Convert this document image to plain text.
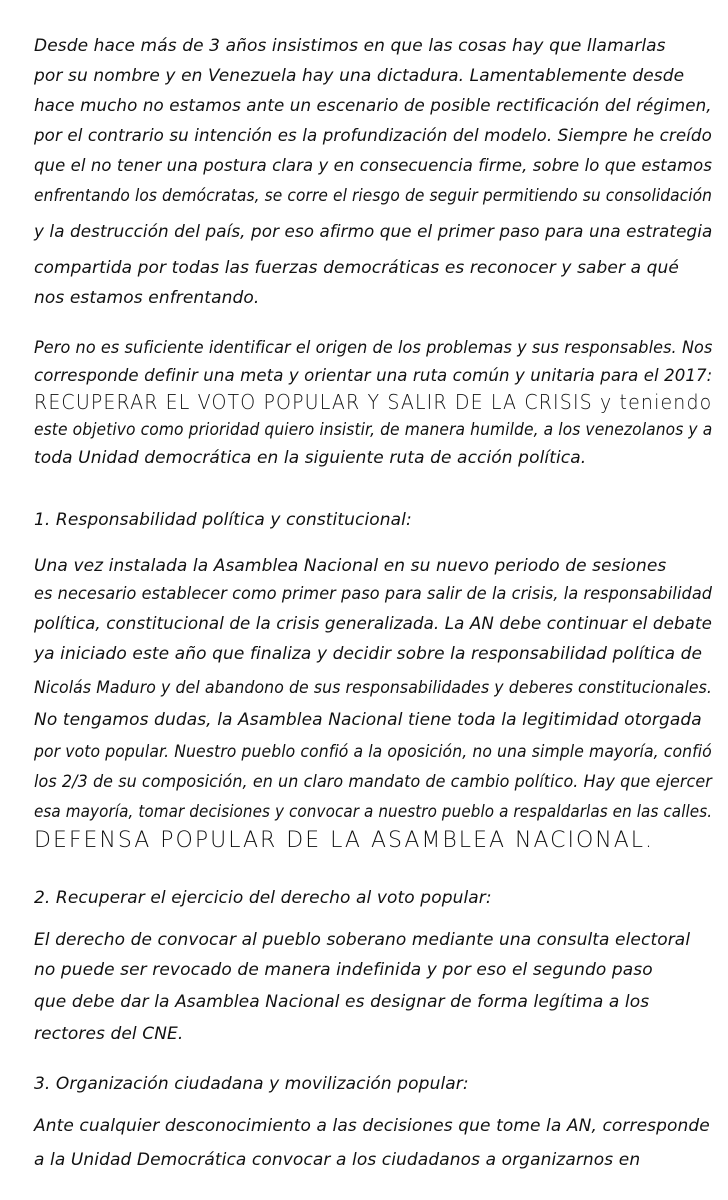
Desde hace más de 3 años insistimos en que las cosas hay que llamarlas
por su nombre y en Venezuela hay una dictadura. Lamentablemente desde
hace mucho no estamos ante un escenario de posible rectificación del régimen,
por el contrario su intención es la profundización del modelo. Siempre he creído
que el no tener una postura clara y en consecuencia firme, sobre lo que estamos
enfrentando los demócratas, se corre el riesgo de seguir permitiendo su consolidación
y la destrucción del país, por eso afirmo que el primer paso para una estrategia
compartida por todas las fuerzas democráticas es reconocer y saber a qué
nos estamos enfrentando.
Pero no es suficiente identificar el origen de los problemas y sus responsables. Nos
corresponde definir una meta y orientar una ruta común y unitaria para el 2017:
RECUPERAR EL VOTO POPULAR Y SALIR DE LA CRISIS y teniendo
este objetivo como prioridad quiero insistir, de manera humilde, a los venezolanos y a
toda Unidad democrática en la siguiente ruta de acción política.
1. Responsabilidad política y constitucional:
Una vez instalada la Asamblea Nacional en su nuevo periodo de sesiones
es necesario establecer como primer paso para salir de la crisis, la responsabilidad
política, constitucional de la crisis generalizada. La AN debe continuar el debate
ya iniciado este año que finaliza y decidir sobre la responsabilidad política de
Nicolás Maduro y del abandono de sus responsabilidades y deberes constitucionales.
No tengamos dudas, la Asamblea Nacional tiene toda la legitimidad otorgada
por voto popular. Nuestro pueblo confió a la oposición, no una simple mayoría, confió
los 2/3 de su composición, en un claro mandato de cambio político. Hay que ejercer
esa mayoría, tomar decisiones y convocar a nuestro pueblo a respaldarlas en las calles.
DEFENSA POPULAR DE LA ASAMBLEA NACIONAL.
2. Recuperar el ejercicio del derecho al voto popular:
El derecho de convocar al pueblo soberano mediante una consulta electoral
no puede ser revocado de manera indefinida y por eso el segundo paso
que debe dar la Asamblea Nacional es designar de forma legítima a los
rectores del CNE.
3. Organización ciudadana y movilización popular:
Ante cualquier desconocimiento a las decisiones que tome la AN, corresponde
a la Unidad Democrática convocar a los ciudadanos a organizarnos en
